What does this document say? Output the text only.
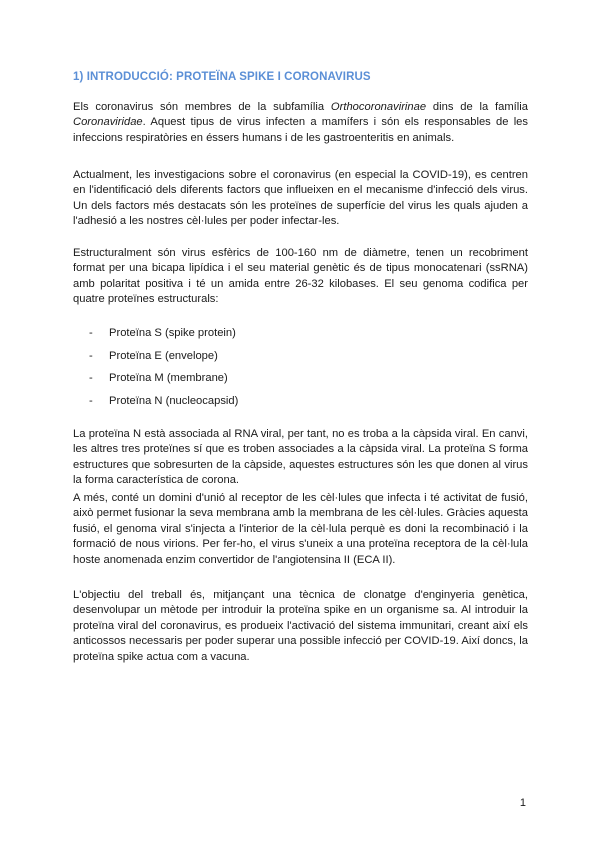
1) INTRODUCCIÓ: PROTEÏNA SPIKE I CORONAVIRUS

Els coronavirus són membres de la subfamília Orthocoronavirinae dins de la família Coronaviridae. Aquest tipus de virus infecten a mamífers i són els responsables de les infeccions respiratòries en éssers humans i de les gastroenteritis en animals.

Actualment, les investigacions sobre el coronavirus (en especial la COVID-19), es centren en l'identificació dels diferents factors que influeixen en el mecanisme d'infecció dels virus. Un dels factors més destacats són les proteïnes de superfície del virus les quals ajuden a l'adhesió a les nostres cèl·lules per poder infectar-les.

Estructuralment són virus esfèrics de 100-160 nm de diàmetre, tenen un recobriment format per una bicapa lipídica i el seu material genètic és de tipus monocatenari (ssRNA) amb polaritat positiva i té un amida entre 26-32 kilobases. El seu genoma codifica per quatre proteïnes estructurals:

- Proteïna S (spike protein)
- Proteïna E (envelope)
- Proteïna M (membrane)
- Proteïna N (nucleocapsid)

La proteïna N està associada al RNA viral, per tant, no es troba a la càpsida viral. En canvi, les altres tres proteïnes sí que es troben associades a la càpsida viral. La proteïna S forma estructures que sobresurten de la càpside, aquestes estructures són les que donen al virus la forma característica de corona.

A més, conté un domini d'unió al receptor de les cèl·lules que infecta i té activitat de fusió, això permet fusionar la seva membrana amb la membrana de les cèl·lules. Gràcies aquesta fusió, el genoma viral s'injecta a l'interior de la cèl·lula perquè es doni la recombinació i la formació de nous virions. Per fer-ho, el virus s'uneix a una proteïna receptora de la cèl·lula hoste anomenada enzim convertidor de l'angiotensina II (ECA II).

L'objectiu del treball és, mitjançant una tècnica de clonatge d'enginyeria genètica, desenvolupar un mètode per introduir la proteïna spike en un organisme sa. Al introduir la proteïna viral del coronavirus, es produeix l'activació del sistema immunitari, creant així els anticossos necessaris per poder superar una possible infecció per COVID-19. Així doncs, la proteïna spike actua com a vacuna.

1
